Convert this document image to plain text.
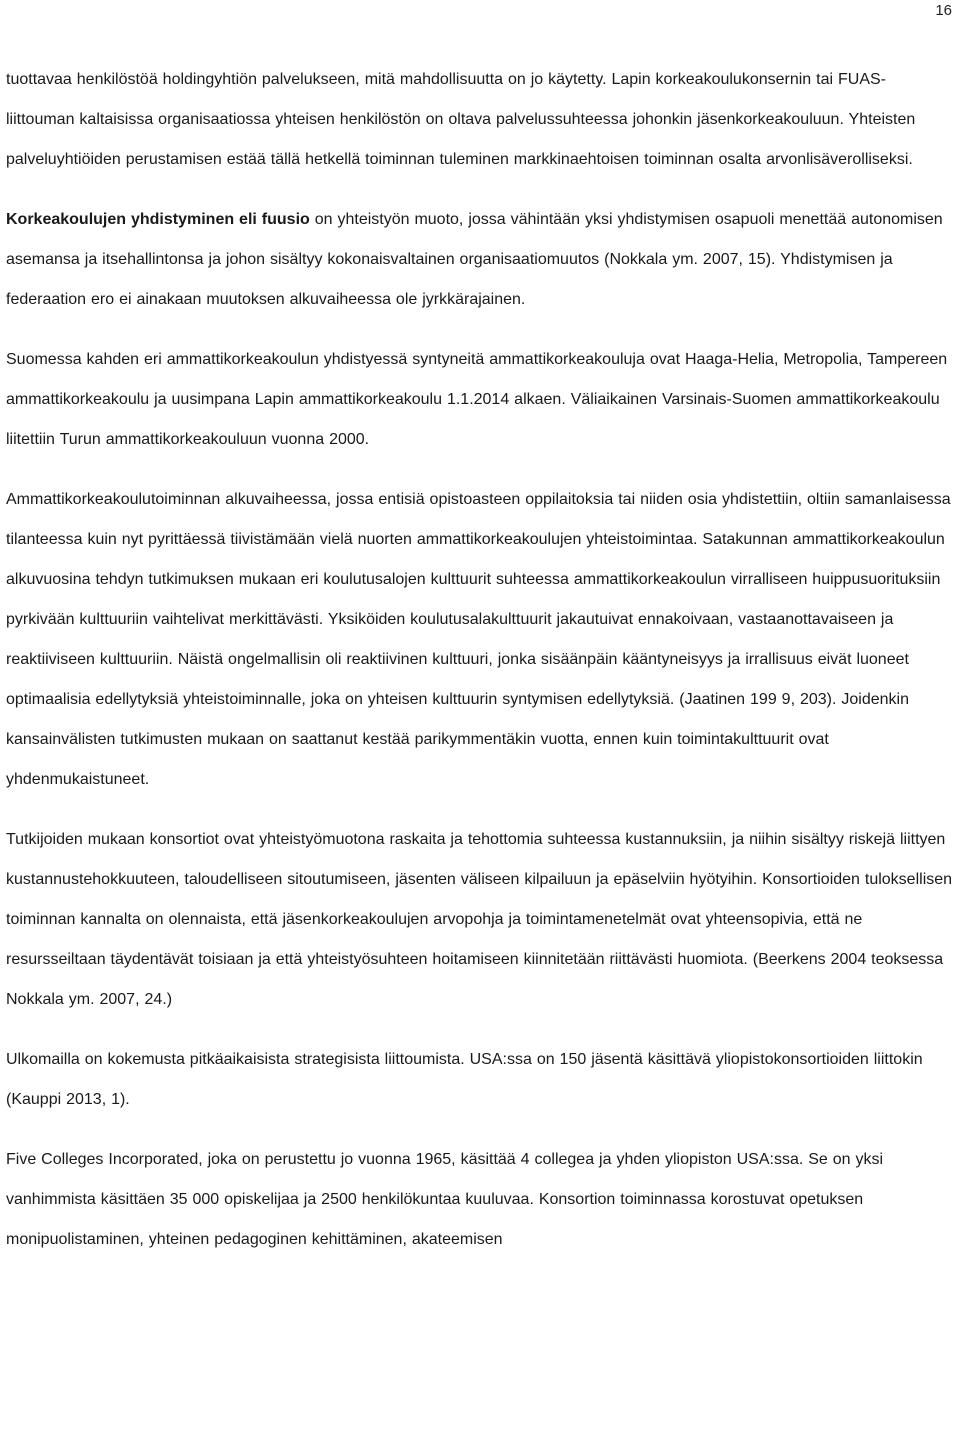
16

tuottavaa henkilöstöä holdingyhtiön palvelukseen, mitä mahdollisuutta on jo käytetty. Lapin korkeakoulukonsernin tai FUAS-liittouman kaltaisissa organisaatiossa yhteisen henkilöstön on oltava palvelussuhteessa johonkin jäsenkorkeakouluun. Yhteisten palveluyhtiöiden perustamisen estää tällä hetkellä toiminnan tuleminen markkinaehtoisen toiminnan osalta arvonlisäverolliseksi.

Korkeakoulujen yhdistyminen eli fuusio on yhteistyön muoto, jossa vähintään yksi yhdistymisen osapuoli menettää autonomisen asemansa ja itsehallintonsa ja johon sisältyy kokonaisvaltainen organisaatiomuutos (Nokkala ym. 2007, 15). Yhdistymisen ja federaation ero ei ainakaan muutoksen alkuvaiheessa ole jyrkkärajainen.

Suomessa kahden eri ammattikorkeakoulun yhdistyessä syntyneitä ammattikorkeakouluja ovat Haaga-Helia, Metropolia, Tampereen ammattikorkeakoulu ja uusimpana Lapin ammattikorkeakoulu 1.1.2014 alkaen. Väliaikainen Varsinais-Suomen ammattikorkeakoulu liitettiin Turun ammattikorkeakouluun vuonna 2000.

Ammattikorkeakoulutoiminnan alkuvaiheessa, jossa entisiä opistoasteen oppilaitoksia tai niiden osia yhdistettiin, oltiin samanlaisessa tilanteessa kuin nyt pyrittäessä tiivistämään vielä nuorten ammattikorkeakoulujen yhteistoimintaa. Satakunnan ammattikorkeakoulun alkuvuosina tehdyn tutkimuksen mukaan eri koulutusalojen kulttuurit suhteessa ammattikorkeakoulun virralliseen huippusuorituksiin pyrkivään kulttuuriin vaihtelivat merkittävästi. Yksiköiden koulutusalakulttuurit jakautuivat ennakoivaan, vastaanottavaiseen ja reaktiiviseen kulttuuriin. Näistä ongelmallisin oli reaktiivinen kulttuuri, jonka sisäänpäin kääntyneisyys ja irrallisuus eivät luoneet optimaalisia edellytyksiä yhteistoiminnalle, joka on yhteisen kulttuurin syntymisen edellytyksiä. (Jaatinen 199 9, 203). Joidenkin kansainvälisten tutkimusten mukaan on saattanut kestää parikymmentäkin vuotta, ennen kuin toimintakulttuurit ovat yhdenmukaistuneet.

Tutkijoiden mukaan konsortiot ovat yhteistyömuotona raskaita ja tehottomia suhteessa kustannuksiin, ja niihin sisältyy riskejä liittyen kustannustehokkuuteen, taloudelliseen sitoutumiseen, jäsenten väliseen kilpailuun ja epäselviin hyötyihin. Konsortioiden tuloksellisen toiminnan kannalta on olennaista, että jäsenkorkeakoulujen arvopohja ja toimintamenetelmät ovat yhteensopivia, että ne resursseiltaan täydentävät toisiaan ja että yhteistyösuhteen hoitamiseen kiinnitetään riittävästi huomiota. (Beerkens 2004 teoksessa Nokkala ym. 2007, 24.)

Ulkomailla on kokemusta pitkäaikaisista strategisista liittoumista. USA:ssa on 150 jäsentä käsittävä yliopistokonsortioiden liittokin (Kauppi 2013, 1).

Five Colleges Incorporated, joka on perustettu jo vuonna 1965, käsittää 4 collegea ja yhden yliopiston USA:ssa. Se on yksi vanhimmista käsittäen 35 000 opiskelijaa ja 2500 henkilökuntaa kuuluvaa. Konsortion toiminnassa korostuvat opetuksen monipuolistaminen, yhteinen pedagoginen kehittäminen, akateemisen
